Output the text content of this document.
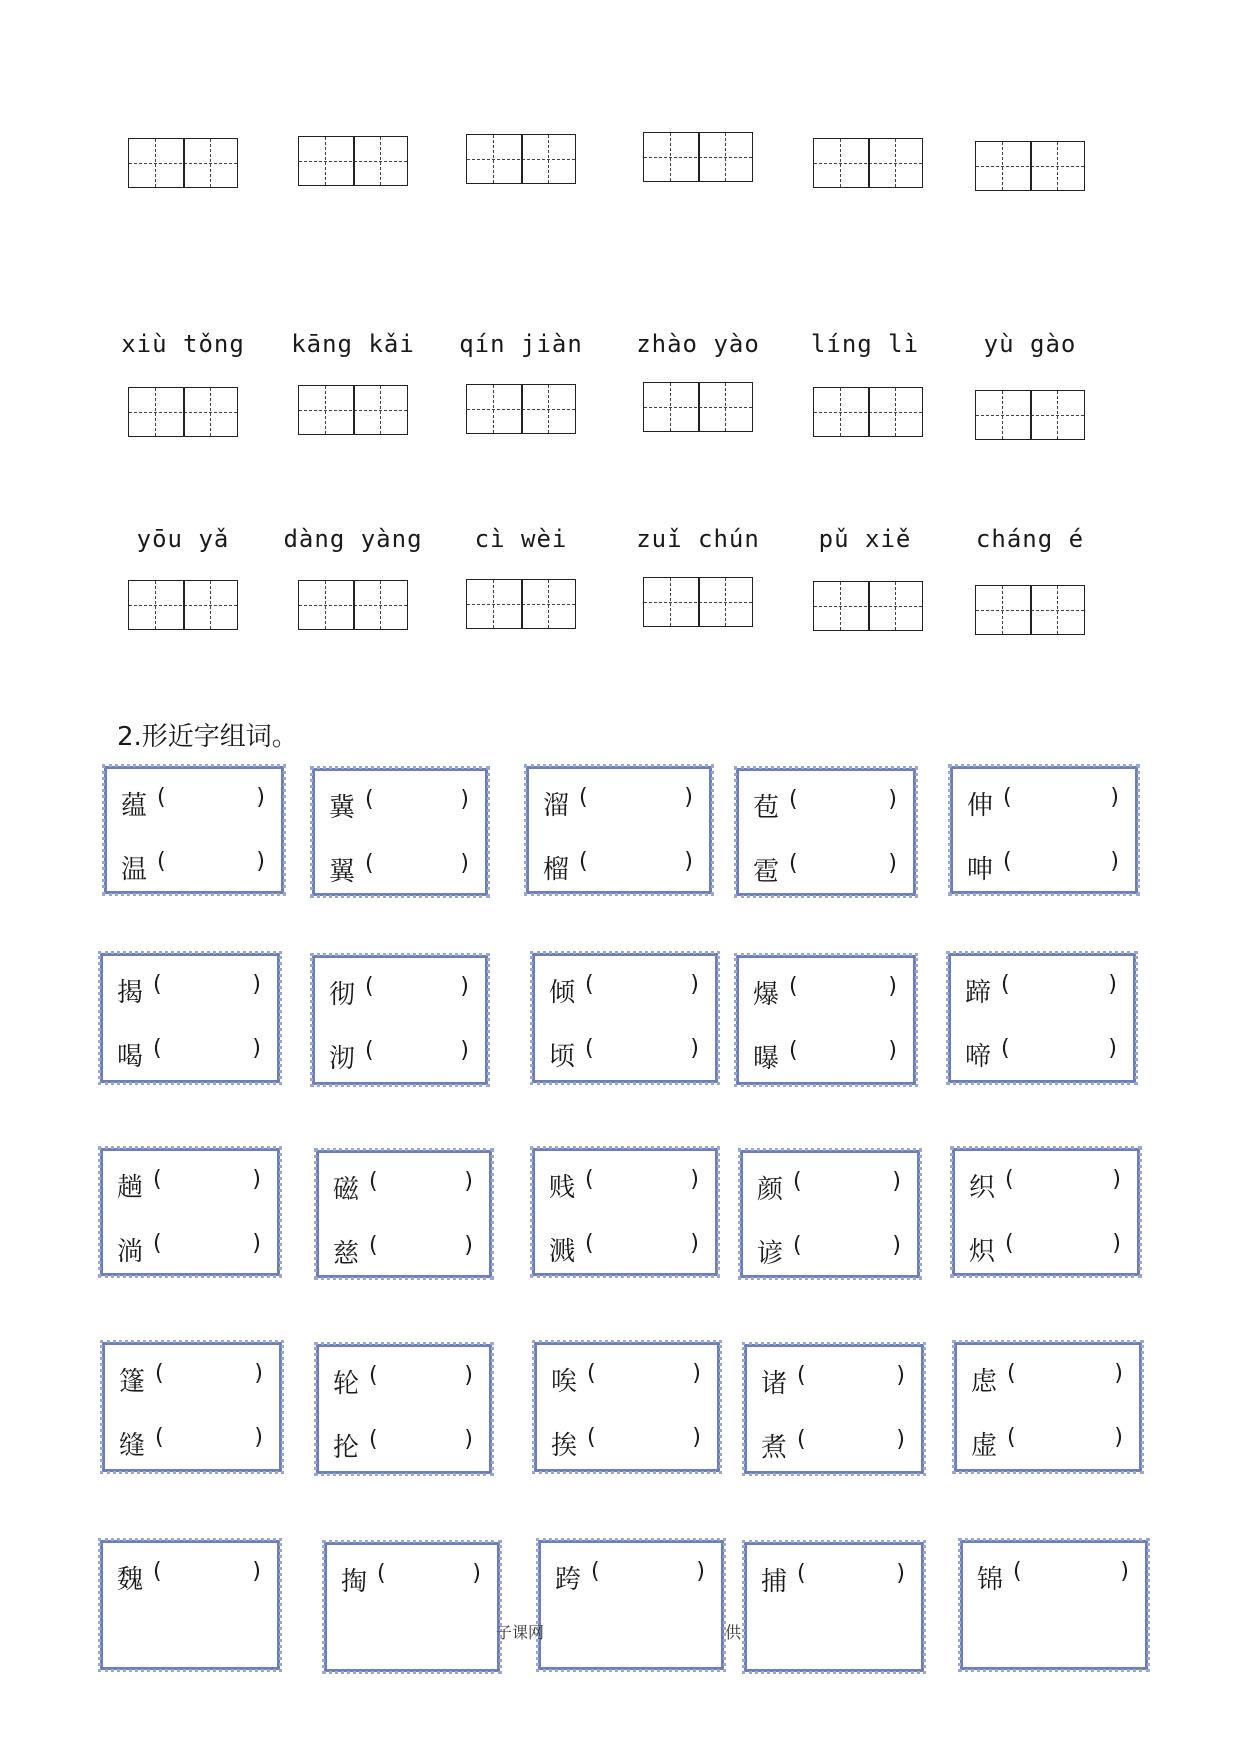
xiù tǒng	kāng kǎi	qín jiàn	zhào yào	líng lì	yù gào
yōu yǎ	dàng yàng	cì wèi	zuǐ chún	pǔ xiě	cháng é
2.形近字组词。
蕴 (	)
温 (	)
冀 (	)
翼 (	)
溜 (	)
榴 (	)
苞 (	)
雹 (	)
伸 (	)
呻 (	)
揭 (	)
喝 (	)
彻 (	)
沏 (	)
倾 (	)
顷 (	)
爆 (	)
曝 (	)
蹄 (	)
啼 (	)
趟 (	)
淌 (	)
磁 (	)
慈 (	)
贱 (	)
溅 (	)
颜 (	)
谚 (	)
织 (	)
炽 (	)
篷 (	)
缝 (	)
轮 (	)
抡 (	)
唉 (	)
挨 (	)
诸 (	)
煮 (	)
虑 (	)
虚 (	)
魏 (	)	掏 (	)	跨 (	) 捕 (	)	锦 (	)
子课网	供
